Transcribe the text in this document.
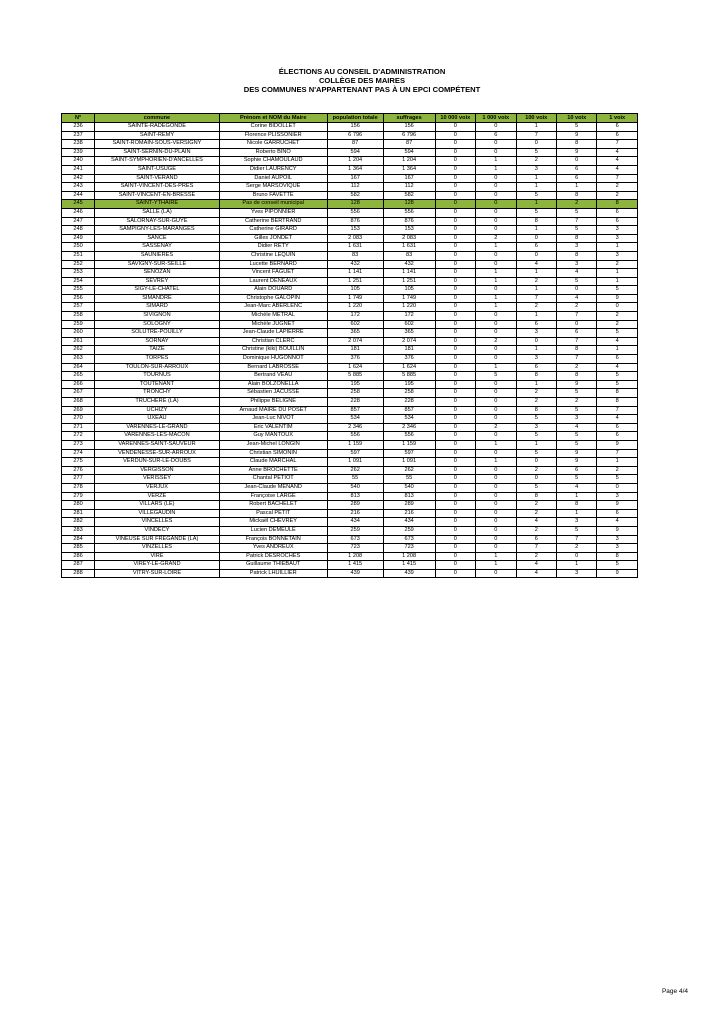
ÉLECTIONS AU CONSEIL D'ADMINISTRATION
COLLÈGE DES MAIRES
DES COMMUNES N'APPARTENANT PAS À UN EPCI COMPÉTENT
N°	commune	Prénom et NOM du Maire	population totale	suffrages	10 000 voix	1 000 voix	100 voix	10 voix	1 voix
236	SAINTE-RADEGONDE	Corine BIDOLLET	156	156	0	0	1	5	6
237	SAINT-REMY	Florence PLISSONIER	6 796	6 796	0	6	7	9	6
238	SAINT-ROMAIN-SOUS-VERSIGNY	Nicole GARRUCHET	87	87	0	0	0	8	7
239	SAINT-SERNIN-DU-PLAIN	Roberto BINO	594	594	0	0	5	9	4
240	SAINT-SYMPHORIEN-D'ANCELLES	Sophie CHAMOULAUD	1 204	1 204	0	1	2	0	4
241	SAINT-USUGE	Didier LAURENCY	1 364	1 364	0	1	3	6	4
242	SAINT-VERAND	Daniel AUPOIL	167	167	0	0	1	6	7
243	SAINT-VINCENT-DES-PRES	Serge MARSOVIQUE	112	112	0	0	1	1	2
244	SAINT-VINCENT-EN-BRESSE	Bruno FAVETTE	582	582	0	0	5	8	2
245	SAINT-YTHAIRE	Pas de conseil municipal	128	128	0	0	1	2	8
246	SALLE (LA)	Yves PIPONNIER	556	556	0	0	5	5	6
247	SALORNAY-SUR-GUYE	Catherine BERTRAND	876	876	0	0	8	7	6
248	SAMPIGNY-LES-MARANGES	Catherine GIRARD	153	153	0	0	1	5	3
249	SANCE	Gilles JONDET	2 083	2 083	0	2	0	8	3
250	SASSENAY	Didier RETY	1 631	1 631	0	1	6	3	1
251	SAUNIERES	Christine LEQUIN	83	83	0	0	0	8	3
252	SAVIGNY-SUR-SEILLE	Lucette BERNARD	432	432	0	0	4	3	2
253	SENOZAN	Vincent FAGUET	1 141	1 141	0	1	1	4	1
254	SEVREY	Laurent DENEAUX	1 251	1 251	0	1	2	5	1
255	SIGY-LE-CHATEL	Alain DOUARD	105	105	0	0	1	0	5
256	SIMANDRE	Christophe GALOPIN	1 749	1 749	0	1	7	4	9
257	SIMARD	Jean-Marc ABERLENC	1 220	1 220	0	1	2	2	0
258	SIVIGNON	Michèle MÉTRAL	172	172	0	0	1	7	2
259	SOLOGNY	Michèle JUGNET	602	602	0	0	6	0	2
260	SOLUTRE-POUILLY	Jean-Claude LAPIERRE	365	365	0	0	3	6	5
261	SORNAY	Christian CLERC	2 074	2 074	0	2	0	7	4
262	TAIZE	Christine (kiki) BOUILLIN	181	181	0	0	1	8	1
263	TORPES	Dominique HUGONNOT	376	376	0	0	3	7	6
264	TOULON-SUR-ARROUX	Bernard LABROSSE	1 624	1 624	0	1	6	2	4
265	TOURNUS	Bertrand VEAU	5 885	5 885	0	5	8	8	5
266	TOUTENANT	Alain BOLZONELLA	195	195	0	0	1	9	5
267	TRONCHY	Sébastien JACUSSE	258	258	0	0	2	5	8
268	TRUCHERE (LA)	Philippe BELIGNÉ	228	228	0	0	2	2	8
269	UCHIZY	Arnaud MAIRE DU POSET	857	857	0	0	8	5	7
270	UXEAU	Jean-Luc NIVOT	534	534	0	0	5	3	4
271	VARENNES-LE-GRAND	Eric VALENTIM	2 346	2 346	0	2	3	4	6
272	VARENNES-LES-MACON	Guy MANTOUX	556	556	0	0	5	5	6
273	VARENNES-SAINT-SAUVEUR	Jean-Michel LONGIN	1 159	1 159	0	1	1	5	9
274	VENDENESSE-SUR-ARROUX	Christian SIMONIN	597	597	0	0	5	9	7
275	VERDUN-SUR-LE-DOUBS	Claude MARCHAL	1 091	1 091	0	1	0	9	1
276	VERGISSON	Anne BROCHETTE	262	262	0	0	2	6	2
277	VERISSEY	Chantal PETIOT	55	55	0	0	0	5	5
278	VERJUX	Jean-Claude MENAND	540	540	0	0	5	4	0
279	VERZE	Françoise LARGE	813	813	0	0	8	1	3
280	VILLARS (LE)	Robert BACHELET	289	289	0	0	2	8	9
281	VILLEGAUDIN	Pascal PETIT	216	216	0	0	2	1	6
282	VINCELLES	Mickaël CHEVREY	434	434	0	0	4	3	4
283	VINDECY	Lucien DEMEULE	259	259	0	0	2	5	9
284	VINEUSE SUR FREGANDE (LA)	François BONNETAIN	673	673	0	0	6	7	3
285	VINZELLES	Yves ANDREUX	723	723	0	0	7	2	3
286	VIRE	Patrick DESROCHES	1 208	1 208	0	1	2	0	8
287	VIREY-LE-GRAND	Guillaume THIÉBAUT	1 415	1 415	0	1	4	1	5
288	VITRY-SUR-LOIRE	Patrick LHUILLIER	439	439	0	0	4	3	9
Page 4/4
